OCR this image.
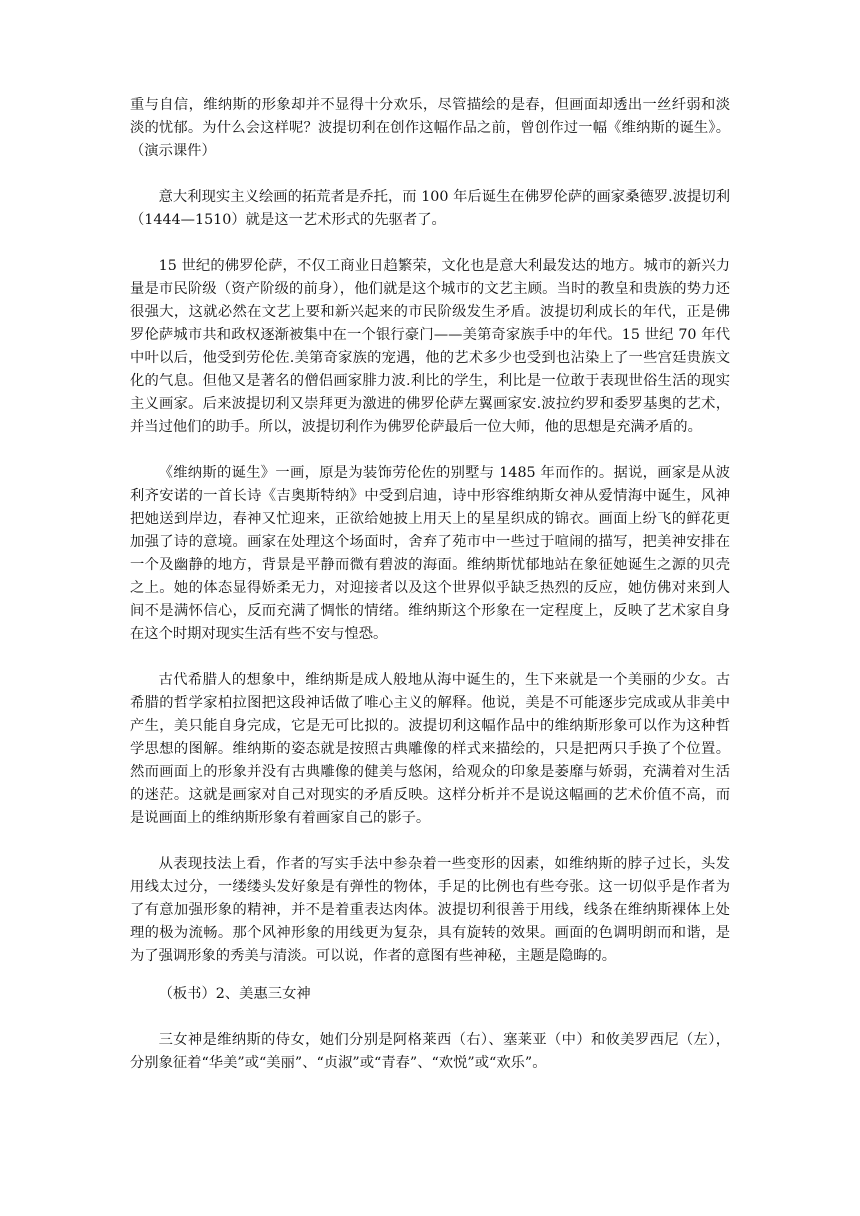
重与自信，维纳斯的形象却并不显得十分欢乐，尽管描绘的是春，但画面却透出一丝纤弱和淡淡的忧郁。为什么会这样呢？波提切利在创作这幅作品之前，曾创作过一幅《维纳斯的诞生》。（演示课件）

意大利现实主义绘画的拓荒者是乔托，而 100 年后诞生在佛罗伦萨的画家桑德罗.波提切利（1444—1510）就是这一艺术形式的先驱者了。

15 世纪的佛罗伦萨，不仅工商业日趋繁荣，文化也是意大利最发达的地方。城市的新兴力量是市民阶级（资产阶级的前身），他们就是这个城市的文艺主顾。当时的教皇和贵族的势力还很强大，这就必然在文艺上要和新兴起来的市民阶级发生矛盾。波提切利成长的年代，正是佛罗伦萨城市共和政权逐渐被集中在一个银行豪门——美第奇家族手中的年代。15 世纪 70 年代中叶以后，他受到劳伦佐.美第奇家族的宠遇，他的艺术多少也受到也沾染上了一些宫廷贵族文化的气息。但他又是著名的僧侣画家腓力波.利比的学生，利比是一位敢于表现世俗生活的现实主义画家。后来波提切利又崇拜更为激进的佛罗伦萨左翼画家安.波拉约罗和委罗基奥的艺术，并当过他们的助手。所以，波提切利作为佛罗伦萨最后一位大师，他的思想是充满矛盾的。

《维纳斯的诞生》一画，原是为装饰劳伦佐的别墅与 1485 年而作的。据说，画家是从波利齐安诺的一首长诗《吉奥斯特纳》中受到启迪，诗中形容维纳斯女神从爱情海中诞生，风神把她送到岸边，春神又忙迎来，正欲给她披上用天上的星星织成的锦衣。画面上纷飞的鲜花更加强了诗的意境。画家在处理这个场面时，舍弃了苑市中一些过于喧闹的描写，把美神安排在一个及幽静的地方，背景是平静而微有碧波的海面。维纳斯忧郁地站在象征她诞生之源的贝壳之上。她的体态显得娇柔无力，对迎接者以及这个世界似乎缺乏热烈的反应，她仿佛对来到人间不是满怀信心，反而充满了惆怅的情绪。维纳斯这个形象在一定程度上，反映了艺术家自身在这个时期对现实生活有些不安与惶恐。

古代希腊人的想象中，维纳斯是成人般地从海中诞生的，生下来就是一个美丽的少女。古希腊的哲学家柏拉图把这段神话做了唯心主义的解释。他说，美是不可能逐步完成或从非美中产生，美只能自身完成，它是无可比拟的。波提切利这幅作品中的维纳斯形象可以作为这种哲学思想的图解。维纳斯的姿态就是按照古典雕像的样式来描绘的，只是把两只手换了个位置。然而画面上的形象并没有古典雕像的健美与悠闲，给观众的印象是萎靡与娇弱，充满着对生活的迷茫。这就是画家对自己对现实的矛盾反映。这样分析并不是说这幅画的艺术价值不高，而是说画面上的维纳斯形象有着画家自己的影子。

从表现技法上看，作者的写实手法中参杂着一些变形的因素，如维纳斯的脖子过长，头发用线太过分，一缕缕头发好象是有弹性的物体，手足的比例也有些夸张。这一切似乎是作者为了有意加强形象的精神，并不是着重表达肉体。波提切利很善于用线，线条在维纳斯裸体上处理的极为流畅。那个风神形象的用线更为复杂，具有旋转的效果。画面的色调明朗而和谐，是为了强调形象的秀美与清淡。可以说，作者的意图有些神秘，主题是隐晦的。

（板书）2、美惠三女神

三女神是维纳斯的侍女，她们分别是阿格莱西（右）、塞莱亚（中）和攸美罗西尼（左），分别象征着“华美”或“美丽”、“贞淑”或“青春”、“欢悦”或“欢乐”。
